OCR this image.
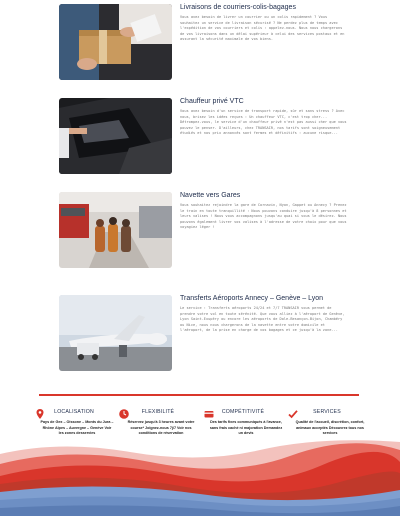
Livraisons de courriers-colis-bagages
Vous avez besoin de livrer un courrier ou un colis rapidement ? Vous souhaitez un service de livraison sécurisé ? Ne perdez plus de temps avec l'expédition de vos courriers et colis : appelez-nous. Nous nous chargerons de vos livraisons dans un délai supérieur à celui des services postaux et en assurant la sécurité maximale de vos biens.
Chauffeur privé VTC
Vous avez besoin d'un service de transport rapide, sûr et sans stress ? Avec nous, brisez les idées reçues : Un chauffeur VTC, c'est trop cher... Détrompez-vous, le service d'un chauffeur privé n'est pas aussi cher que vous pouvez le penser. D'ailleurs, chez TRANSAIR, nos tarifs sont soigneusement étudiés et nos prix annoncés sont fermes et définitifs : aucune risque...
Navette vers Gares
Vous souhaitez rejoindre la gare de Cornavin, Nyon, Gappet ou Annecy ? Prenez le train en toute tranquillité : Nous pouvons conduire jusqu'à 8 personnes et leurs valises ! Nous vous accompagnons jusqu'au quai si vous le désirez. Nous pouvons également livrer vos valises à l'adresse de votre choix pour que vous voyagiez léger !
Transferts Aéroports Annecy – Genève – Lyon
Le service : Transferts aéroports 24/24 et 7/7 TRANSAIR vous permet de prendre votre vol en toute sérénité. Que vous alliez à l'aéroport de Genève, Lyon Saint-Exupéry ou encore les aéroports de Dole-Besançon-Bijon, Chambéry ou Nice, nous nous chargerons de la navette entre votre domicile et l'aéroport, de la prise en charge de vos bagages et ce jusqu'à la zone...
LOCALISATION
Pays de Gex – Oissone – Monts du Jura – Rhône Alpes – Auvergne – Genève Voir les zones desservies
FLEXIBILITÉ
Réservez jusqu'à 3 heures avant votre course* Joignez-nous 7j/7 Voir nos conditions de réservation
COMPÉTITIVITÉ
Des tarifs fixes communiqués à l'avance, sans frais caché ni majoration Demandez un devis
SERVICES
Qualité de l'accueil, discrétion, confort, animaux acceptés Découvrez tous nos services
